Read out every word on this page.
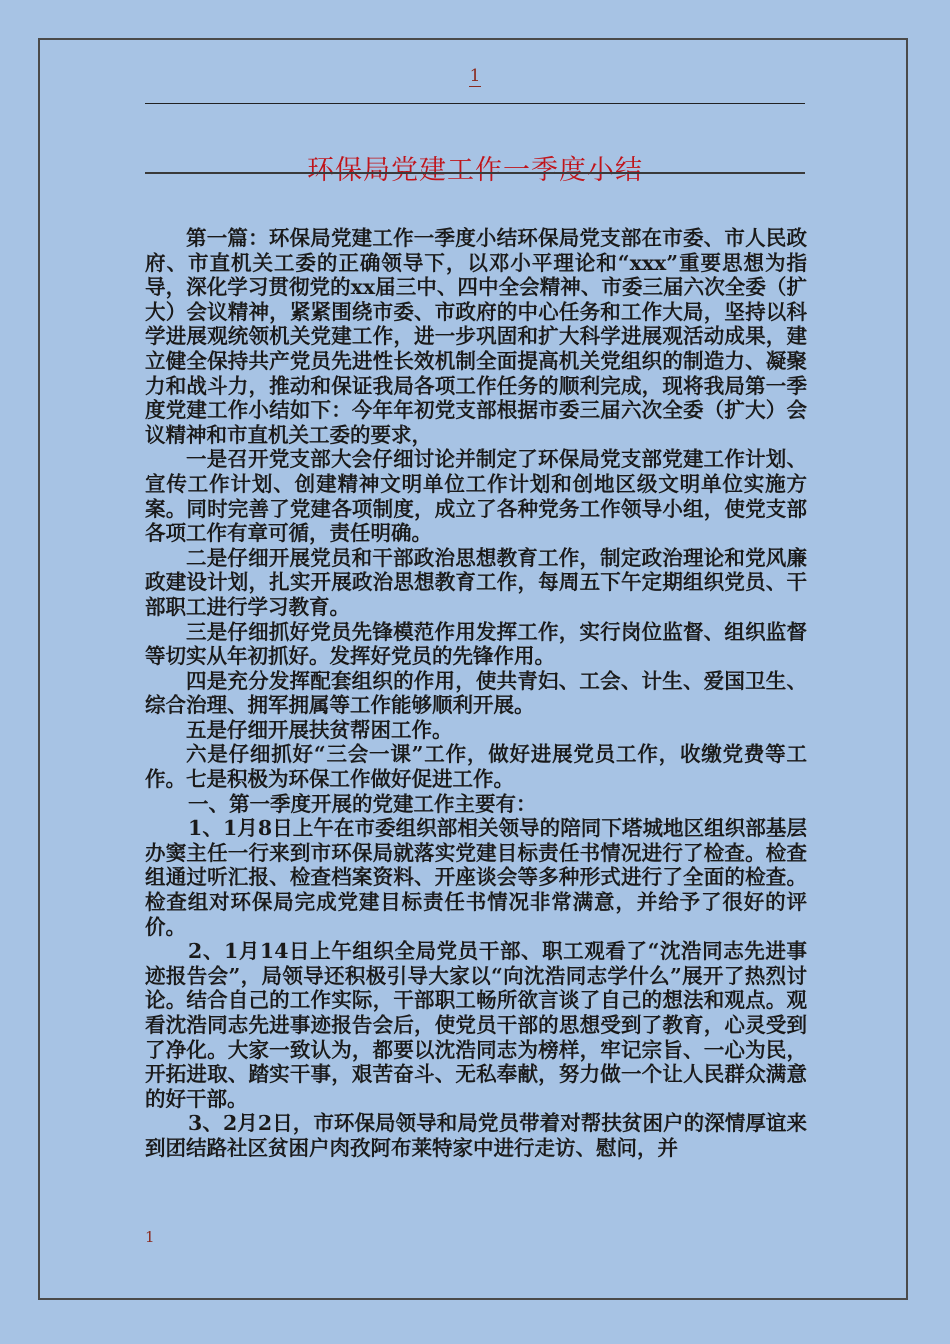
1
环保局党建工作一季度小结

第一篇：环保局党建工作一季度小结环保局党支部在市委、市人民政府、市直机关工委的正确领导下，以邓小平理论和“xxx”重要思想为指导，深化学习贯彻党的xx届三中、四中全会精神、市委三届六次全委（扩大）会议精神，紧紧围绕市委、市政府的中心任务和工作大局，坚持以科学进展观统领机关党建工作，进一步巩固和扩大科学进展观活动成果，建立健全保持共产党员先进性长效机制全面提高机关党组织的制造力、凝聚力和战斗力，推动和保证我局各项工作任务的顺利完成，现将我局第一季度党建工作小结如下：今年年初党支部根据市委三届六次全委（扩大）会议精神和市直机关工委的要求，

一是召开党支部大会仔细讨论并制定了环保局党支部党建工作计划、宣传工作计划、创建精神文明单位工作计划和创地区级文明单位实施方案。同时完善了党建各项制度，成立了各种党务工作领导小组，使党支部各项工作有章可循，责任明确。

二是仔细开展党员和干部政治思想教育工作，制定政治理论和党风廉政建设计划，扎实开展政治思想教育工作，每周五下午定期组织党员、干部职工进行学习教育。

三是仔细抓好党员先锋模范作用发挥工作，实行岗位监督、组织监督等切实从年初抓好。发挥好党员的先锋作用。

四是充分发挥配套组织的作用，使共青妇、工会、计生、爱国卫生、综合治理、拥军拥属等工作能够顺利开展。

五是仔细开展扶贫帮困工作。

六是仔细抓好“三会一课”工作，做好进展党员工作，收缴党费等工作。七是积极为环保工作做好促进工作。

一、第一季度开展的党建工作主要有：

1、1月8日上午在市委组织部相关领导的陪同下塔城地区组织部基层办窦主任一行来到市环保局就落实党建目标责任书情况进行了检查。检查组通过听汇报、检查档案资料、开座谈会等多种形式进行了全面的检查。检查组对环保局完成党建目标责任书情况非常满意，并给予了很好的评价。

2、1月14日上午组织全局党员干部、职工观看了“沈浩同志先进事迹报告会”，局领导还积极引导大家以“向沈浩同志学什么”展开了热烈讨论。结合自己的工作实际，干部职工畅所欲言谈了自己的想法和观点。观看沈浩同志先进事迹报告会后，使党员干部的思想受到了教育，心灵受到了净化。大家一致认为，都要以沈浩同志为榜样，牢记宗旨、一心为民，开拓进取、踏实干事，艰苦奋斗、无私奉献，努力做一个让人民群众满意的好干部。

3、2月2日，市环保局领导和局党员带着对帮扶贫困户的深情厚谊来到团结路社区贫困户肉孜阿布莱特家中进行走访、慰问，并

1
